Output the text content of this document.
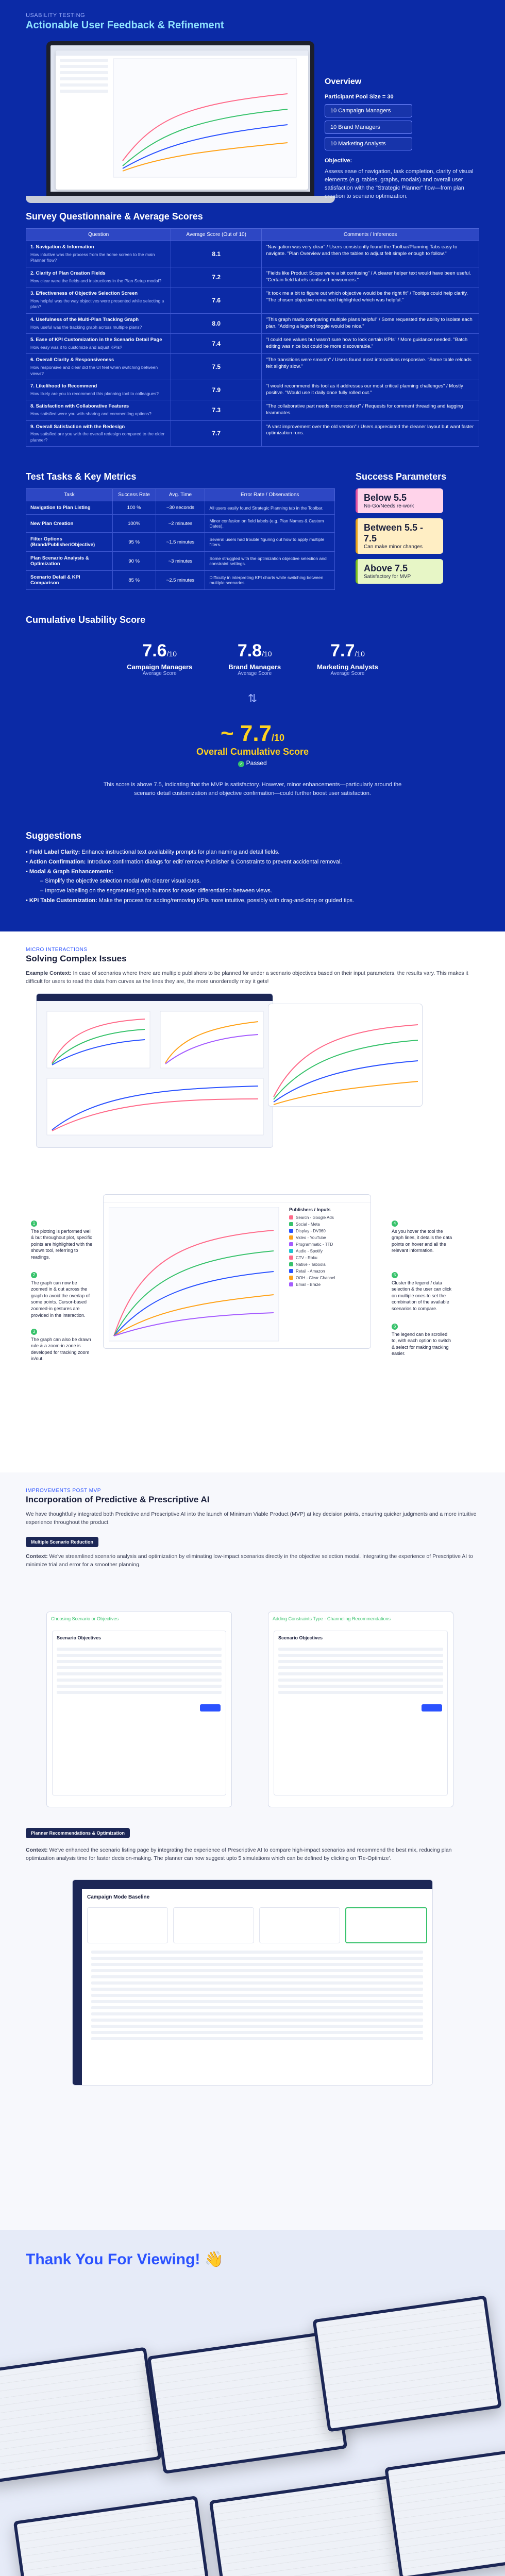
USABILITY TESTING
Actionable User Feedback & Refinement
Overview
Participant Pool Size = 30
10 Campaign Managers
10 Brand Managers
10 Marketing Analysts
Objective:
Assess ease of navigation, task completion, clarity of visual elements (e.g. tables, graphs, modals) and overall user satisfaction with the "Strategic Planner" flow—from plan creation to scenario optimization.
Survey Questionnaire & Average Scores
Question	Average Score (Out of 10)	Comments / Inferences

1. Navigation & Information
How intuitive was the process from the home screen to the main Planner flow?	8.1	"Navigation was very clear" / Users consistently found the Toolbar/Planning Tabs easy to navigate. "Plan Overview and then the tables to adjust felt simple enough to follow."

2. Clarity of Plan Creation Fields
How clear were the fields and instructions in the Plan Setup modal?	7.2	"Fields like Product Scope were a bit confusing" / A clearer helper text would have been useful. "Certain field labels confused newcomers."

3. Effectiveness of Objective Selection Screen
How helpful was the way objectives were presented while selecting a plan?	7.6	"It took me a bit to figure out which objective would be the right fit" / Tooltips could help clarify. "The chosen objective remained highlighted which was helpful."

4. Usefulness of the Multi-Plan Tracking Graph
How useful was the tracking graph across multiple plans?	8.0	"This graph made comparing multiple plans helpful" / Some requested the ability to isolate each plan. "Adding a legend toggle would be nice."

5. Ease of KPI Customization in the Scenario Detail Page
How easy was it to customize and adjust KPIs?	7.4	"I could see values but wasn't sure how to lock certain KPIs" / More guidance needed. "Batch editing was nice but could be more discoverable."

6. Overall Clarity & Responsiveness
How responsive and clear did the UI feel when switching between views?	7.5	"The transitions were smooth" / Users found most interactions responsive. "Some table reloads felt slightly slow."

7. Likelihood to Recommend
How likely are you to recommend this planning tool to colleagues?	7.9	"I would recommend this tool as it addresses our most critical planning challenges" / Mostly positive. "Would use it daily once fully rolled out."

8. Satisfaction with Collaborative Features
How satisfied were you with sharing and commenting options?	7.3	"The collaborative part needs more context" / Requests for comment threading and tagging teammates.

9. Overall Satisfaction with the Redesign
How satisfied are you with the overall redesign compared to the older planner?	7.7	"A vast improvement over the old version" / Users appreciated the cleaner layout but want faster optimization runs.
Test Tasks & Key Metrics
Task	Success Rate	Avg. Time	Error Rate / Observations
Navigation to Plan Listing	100 %	~30 seconds	All users easily found Strategic Planning tab in the Toolbar.
New Plan Creation	100%	~2 minutes	Minor confusion on field labels (e.g. Plan Names & Custom Dates).
Filter Options (Brand/Publisher/Objective)	95 %	~1.5 minutes	Several users had trouble figuring out how to apply multiple filters.
Plan Scenario Analysis & Optimization	90 %	~3 minutes	Some struggled with the optimization objective selection and constraint settings.
Scenario Detail & KPI Comparison	85 %	~2.5 minutes	Difficulty in interpreting KPI charts while switching between multiple scenarios.
Success Parameters
Below 5.5
No-Go/Needs re-work
Between 5.5 - 7.5
Can make minor changes
Above 7.5
Satisfactory for MVP
Cumulative Usability Score
7.6/10
Campaign Managers
Average Score
7.8/10
Brand Managers
Average Score
7.7/10
Marketing Analysts
Average Score
⇅
~ 7.7/10
Overall Cumulative Score
✓ Passed
This score is above 7.5, indicating that the MVP is satisfactory. However, minor enhancements—particularly around the scenario detail customization and objective confirmation—could further boost user satisfaction.
Suggestions
• Field Label Clarity: Enhance instructional text availability prompts for plan naming and detail fields.
• Action Confirmation: Introduce confirmation dialogs for edit/ remove Publisher & Constraints to prevent accidental removal.
• Modal & Graph Enhancements:
– Simplify the objective selection modal with clearer visual cues.
– Improve labelling on the segmented graph buttons for easier differentiation between views.
• KPI Table Customization: Make the process for adding/removing KPIs more intuitive, possibly with drag-and-drop or guided tips.
MICRO INTERACTIONS
Solving Complex Issues
Example Context: In case of scenarios where there are multiple publishers to be planned for under a scenario objectives based on their input parameters, the results vary. This makes it difficult for users to read the data from curves as the lines they are, the more unorderedly mixy it gets!
Publishers / Inputs
Search - Google Ads
Social - Meta
Display - DV360
Video - YouTube
Programmatic - TTD
Audio - Spotify
CTV - Roku
Native - Taboola
Retail - Amazon
OOH - Clear Channel
Email - Braze
1
The plotting is performed well & but throughout plot, specific points are highlighted with the shown tool, referring to readings.
2
The graph can now be zoomed in & out across the graph to avoid the overlap of some points. Cursor-based zoomed-in gestures are provided in the interaction.
3
The graph can also be drawn rule & a zoom-in zone is developed for tracking zoom in/out.
4
As you hover the tool the graph lines, it details the data points on hover and all the relevant information.
5
Cluster the legend / data selection & the user can click on multiple ones to set the combination of the available scenarios to compare.
6
The legend can be scrolled to, with each option to switch & select for making tracking easier.
IMPROVEMENTS POST MVP
Incorporation of Predictive & Prescriptive AI
We have thoughtfully integrated both Predictive and Prescriptive AI into the launch of Minimum Viable Product (MVP) at key decision points, ensuring quicker judgments and a more intuitive experience throughout the product.
Multiple Scenario Reduction
Context: We've streamlined scenario analysis and optimization by eliminating low-impact scenarios directly in the objective selection modal. Integrating the experience of Prescriptive AI to minimize trial and error for a smoother planning.
Choosing Scenario or Objectives
Scenario Objectives
Adding Constraints Type - Channeling Recommendations
Scenario Objectives
Planner Recommendations & Optimization
Context: We've enhanced the scenario listing page by integrating the experience of Prescriptive AI to compare high-impact scenarios and recommend the best mix, reducing plan optimization analysis time for faster decision-making. The planner can now suggest upto 5 simulations which can be defined by clicking on 'Re-Optimize'.
Campaign Mode Baseline
Thank You For Viewing! 👋
